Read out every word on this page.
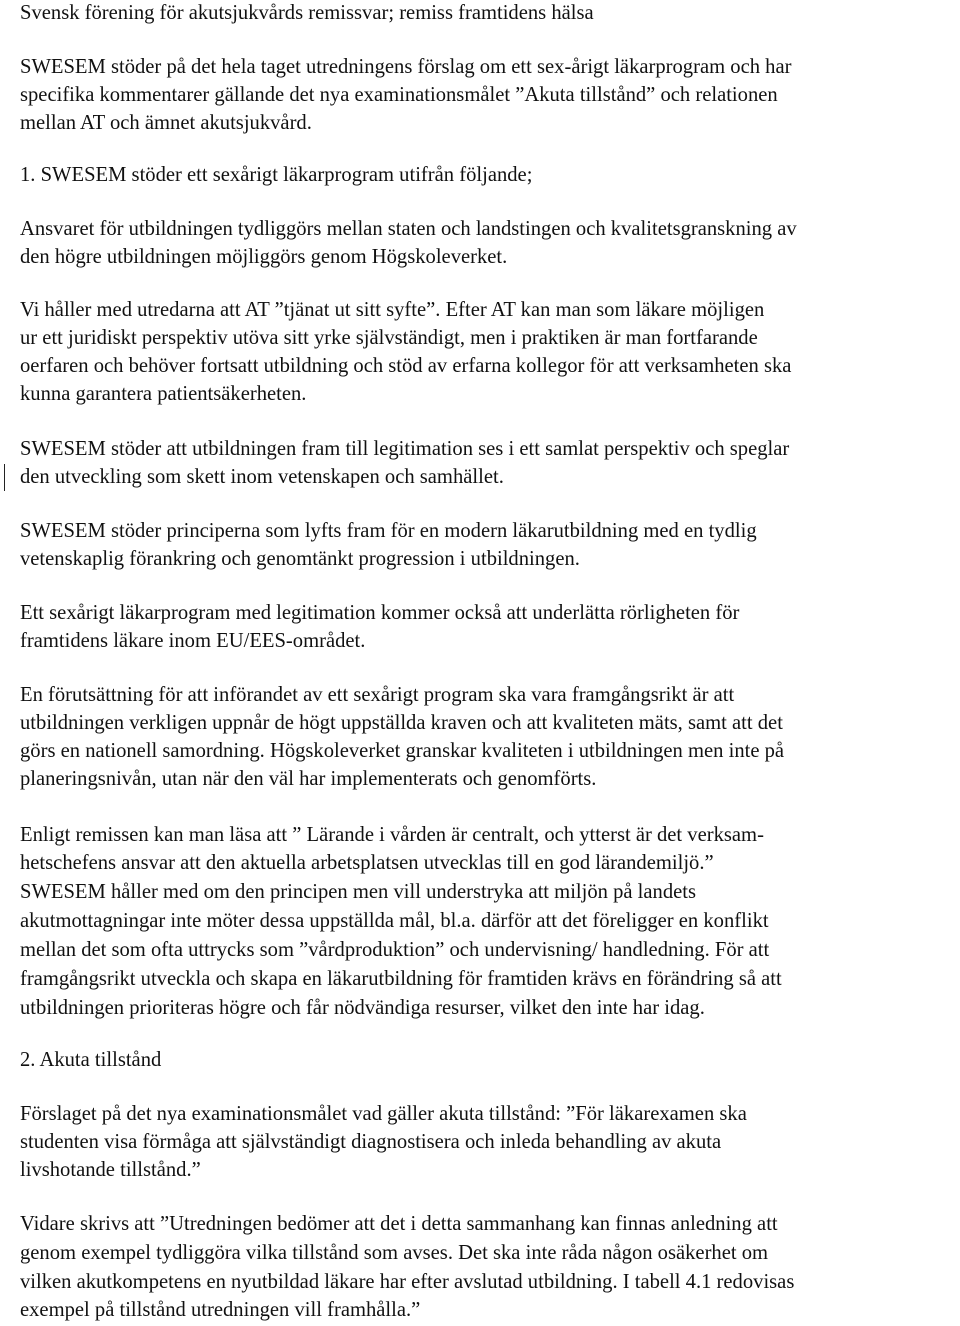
Svensk förening för akutsjukvårds remissvar; remiss framtidens hälsa
SWESEM stöder på det hela taget utredningens förslag om ett sex-årigt läkarprogram och har
specifika kommentarer gällande det nya examinationsmålet ”Akuta tillstånd” och relationen
mellan AT och ämnet akutsjukvård.
1. SWESEM stöder ett sexårigt läkarprogram utifrån följande;
Ansvaret för utbildningen tydliggörs mellan staten och landstingen och kvalitetsgranskning av
den högre utbildningen möjliggörs genom Högskoleverket.
Vi håller med utredarna att AT ”tjänat ut sitt syfte”. Efter AT kan man som läkare möjligen
ur ett juridiskt perspektiv utöva sitt yrke självständigt, men i praktiken är man fortfarande
oerfaren och behöver fortsatt utbildning och stöd av erfarna kollegor för att verksamheten ska
kunna garantera patientsäkerheten.
SWESEM stöder att utbildningen fram till legitimation ses i ett samlat perspektiv och speglar
den utveckling som skett inom vetenskapen och samhället.
SWESEM stöder principerna som lyfts fram för en modern läkarutbildning med en tydlig
vetenskaplig förankring och genomtänkt progression i utbildningen.
Ett sexårigt läkarprogram med legitimation kommer också att underlätta rörligheten för
framtidens läkare inom EU/EES-området.
En förutsättning för att införandet av ett sexårigt program ska vara framgångsrikt är att
utbildningen verkligen uppnår de högt uppställda kraven och att kvaliteten mäts, samt att det
görs en nationell samordning. Högskoleverket granskar kvaliteten i utbildningen men inte på
planeringsnivån, utan när den väl har implementerats och genomförts.
Enligt remissen kan man läsa att ” Lärande i vården är centralt, och ytterst är det verksam-
hetschefens ansvar att den aktuella arbetsplatsen utvecklas till en god lärandemiljö.”
SWESEM håller med om den principen men vill understryka att miljön på landets
akutmottagningar inte möter dessa uppställda mål, bl.a. därför att det föreligger en konflikt
mellan det som ofta uttrycks som ”vårdproduktion” och undervisning/ handledning. För att
framgångsrikt utveckla och skapa en läkarutbildning för framtiden krävs en förändring så att
utbildningen prioriteras högre och får nödvändiga resurser, vilket den inte har idag.
2. Akuta tillstånd
Förslaget på det nya examinationsmålet vad gäller akuta tillstånd: ”För läkarexamen ska
studenten visa förmåga att självständigt diagnostisera och inleda behandling av akuta
livshotande tillstånd.”
Vidare skrivs att ”Utredningen bedömer att det i detta sammanhang kan finnas anledning att
genom exempel tydliggöra vilka tillstånd som avses. Det ska inte råda någon osäkerhet om
vilken akutkompetens en nyutbildad läkare har efter avslutad utbildning. I tabell 4.1 redovisas
exempel på tillstånd utredningen vill framhålla.”
